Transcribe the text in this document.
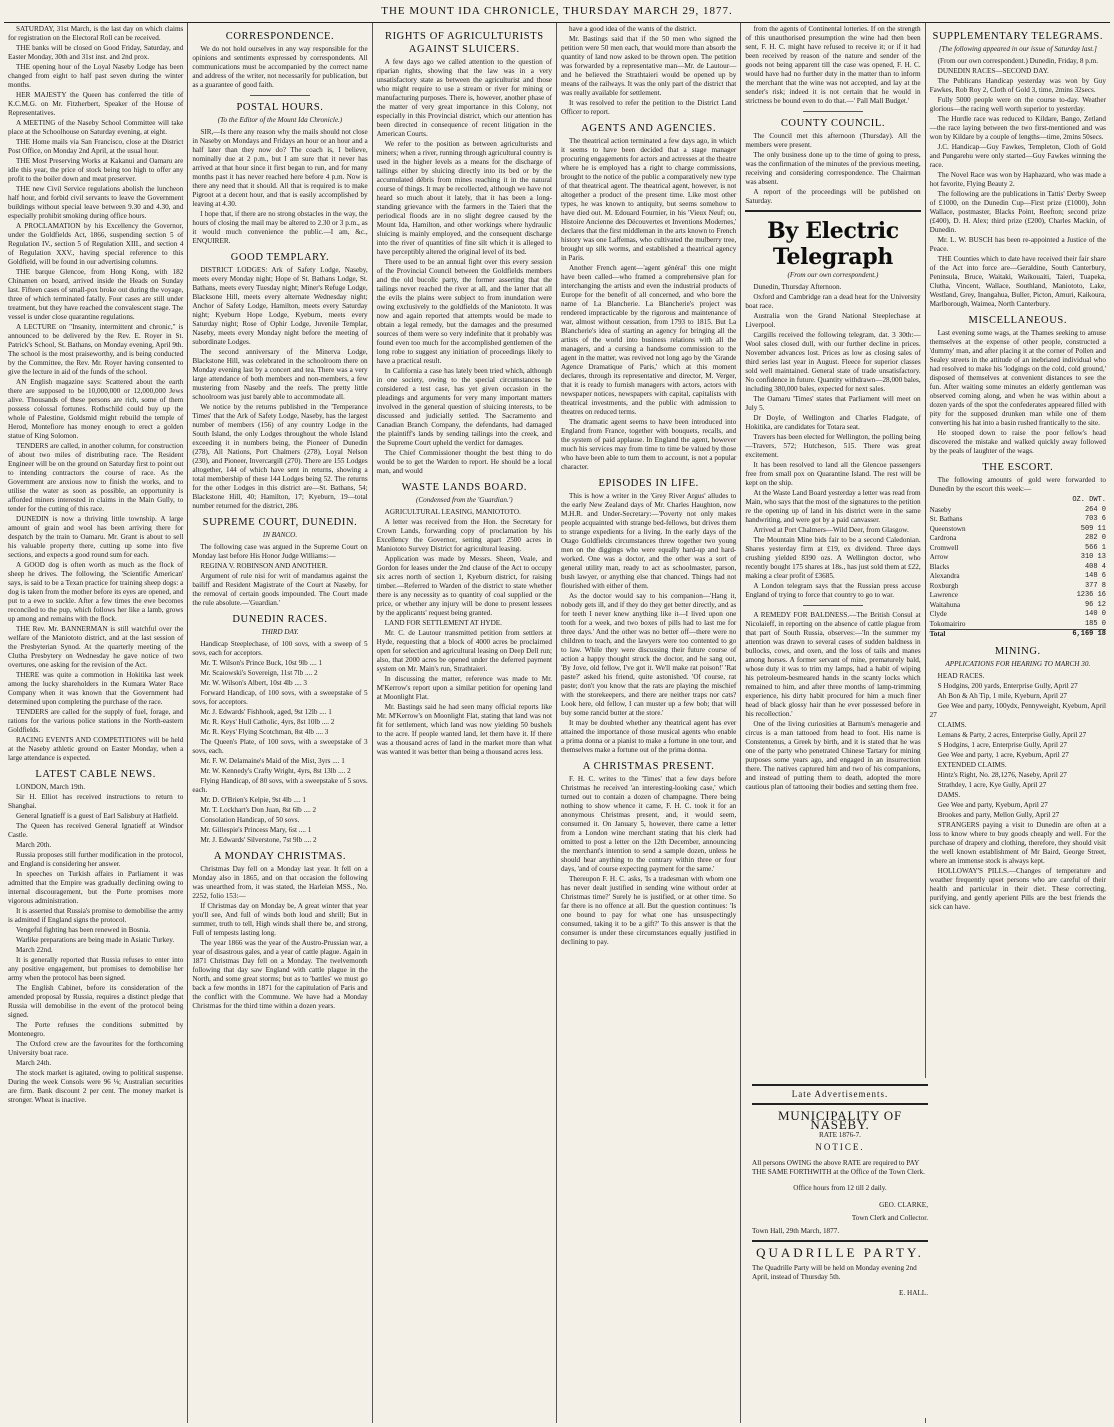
THE MOUNT IDA CHRONICLE, THURSDAY MARCH 29, 1877.

SATURDAY, 31st March, is the last day on which claims for registration on the Electoral Roll can be received.

THE banks will be closed on Good Friday, Saturday, and Easter Monday, 30th and 31st inst. and 2nd prox.

THE opening hour of the Loyal Naseby Lodge has been changed from eight to half past seven during the winter months.

HER MAJESTY the Queen has conferred the title of K.C.M.G. on Mr. Fitzherbert, Speaker of the House of Representatives.

A MEETING of the Naseby School Committee will take place at the Schoolhouse on Saturday evening, at eight.

THE Home mails via San Francisco, close at the District Post Office, on Monday 2nd April, at the usual hour.

THE Most Preserving Works at Kakanui and Oamaru are idle this year, the price of stock being too high to offer any profit to the boiler down and meat preserver.

THE new Civil Service regulations abolish the luncheon half hour, and forbid civil servants to leave the Government buildings without special leave between 9.30 and 4.30, and especially prohibit smoking during office hours.

A PROCLAMATION by his Excellency the Governor, under the Goldfields Act, 1866, suspending section 5 of Regulation IV., section 5 of Regulation XIII., and section 4 of Regulation XXV., having special reference to this Goldfield, will be found in our advertising columns.

THE barque Glencoe, from Hong Kong, with 182 Chinamen on board, arrived inside the Heads on Sunday last. Fifteen cases of small-pox broke out during the voyage, three of which terminated fatally. Four cases are still under treatment, but they have reached the convalescent stage. The vessel is under close quarantine regulations.

A LECTURE on "Insanity, intermittent and chronic," is announced to be delivered by the Rev. E. Royer in St. Patrick's School, St. Bathans, on Monday evening, April 9th. The school is the most praiseworthy, and is being conducted by the Committee, the Rev. Mr. Royer having consented to give the lecture in aid of the funds of the school.

AN English magazine says: Scattered about the earth there are supposed to be 10,000,000 or 12,000,000 Jews alive. Thousands of these persons are rich, some of them possess colossal fortunes. Rothschild could buy up the whole of Palestine, Goldsmid might rebuild the temple of Herod, Montefiore has money enough to erect a golden statue of King Solomon.

TENDERS are called, in another column, for construction of about two miles of distributing race. The Resident Engineer will be on the ground on Saturday first to point out to intending contractors the course of race. As the Government are anxious now to finish the works, and to utilise the water as soon as possible, an opportunity is afforded miners interested in claims in the Main Gully, to tender for the cutting of this race.

DUNEDIN is now a thriving little township. A large amount of grain and wool has been arriving there for despatch by the train to Oamaru. Mr. Grant is about to sell his valuable property there, cutting up some into five sections, and expects a good round sum for each.

A GOOD dog is often worth as much as the flock of sheep he drives. The following, the 'Scientific American' says, is said to be a Texan practice for training sheep dogs: a dog is taken from the mother before its eyes are opened, and put to a ewe to suckle. After a few times the ewe becomes reconciled to the pup, which follows her like a lamb, grows up among and remains with the flock.

THE Rev. Mr. BANNERMAN is still watchful over the welfare of the Maniototo district, and at the last session of the Presbyterian Synod. At the quarterly meeting of the Clutha Presbytery on Wednesday he gave notice of two overtures, one asking for the revision of the Act.

THERE was quite a commotion in Hokitika last week among the lucky shareholders in the Kumara Water Race Company when it was known that the Government had determined upon completing the purchase of the race.

TENDERS are called for the supply of fuel, forage, and rations for the various police stations in the North-eastern Goldfields.

RACING EVENTS AND COMPETITIONS will be held at the Naseby athletic ground on Easter Monday, when a large attendance is expected.

LATEST CABLE NEWS.

LONDON, March 19th.

Sir H. Elliot has received instructions to return to Shanghai.

General Ignatieff is a guest of Earl Salisbury at Hatfield.

The Queen has received General Ignatieff at Windsor Castle.

March 20th.

Russia proposes still further modification in the protocol, and England is considering her answer.

In speeches on Turkish affairs in Parliament it was admitted that the Empire was gradually declining owing to internal discouragement, but the Porte promises more vigorous administration.

It is asserted that Russia's promise to demobilise the army is admitted if England signs the protocol.

Vengeful fighting has been renewed in Bosnia.

Warlike preparations are being made in Asiatic Turkey.

March 22nd.

It is generally reported that Russia refuses to enter into any positive engagement, but promises to demobilise her army when the protocol has been signed.

The English Cabinet, before its consideration of the amended proposal by Russia, requires a distinct pledge that Russia will demobilise in the event of the protocol being signed.

The Porte refuses the conditions submitted by Montenegro.

The Oxford crew are the favourites for the forthcoming University boat race.

March 24th.

The stock market is agitated, owing to political suspense. During the week Consols were 96 ⅛; Australian securities are firm. Bank discount 2 per cent. The money market is stronger. Wheat is inactive.

CORRESPONDENCE.

We do not hold ourselves in any way responsible for the opinions and sentiments expressed by correspondents. All communications must be accompanied by the correct name and address of the writer, not necessarily for publication, but as a guarantee of good faith.

POSTAL HOURS.
(To the Editor of the Mount Ida Chronicle.)

SIR,—Is there any reason why the mails should not close in Naseby on Mondays and Fridays an hour or an hour and a half later than they now do? The coach is, I believe, nominally due at 2 p.m., but I am sure that it never has arrived at that hour since it first began to run, and for many months past it has never reached here before 4 p.m. Now is there any need that it should. All that is required is to make Pigroot at a decent hour, and that is easily accomplished by leaving at 4.30.

I hope that, if there are no strong obstacles in the way, the hours of closing the mail may be altered to 2.30 or 3 p.m., as it would much convenience the public.—I am, &c., ENQUIRER.

GOOD TEMPLARY.

DISTRICT LODGES: Ark of Safety Lodge, Naseby, meets every Monday night; Hope of St. Bathans Lodge, St. Bathans, meets every Tuesday night; Miner's Refuge Lodge, Blacksone Hill, meets every alternate Wednesday night; Anchor of Safety Lodge, Hamilton, meets every Saturday night; Kyeburn Hope Lodge, Kyeburn, meets every Saturday night; Rose of Ophir Lodge, Juvenile Templar, Naseby, meets every Monday night before the meeting of subordinate Lodges.

The second anniversary of the Minerva Lodge, Blackstone Hill, was celebrated in the schoolroom there on Monday evening last by a concert and tea. There was a very large attendance of both members and non-members, a few mustering from Naseby and the reefs. The pretty little schoolroom was just barely able to accommodate all.

We notice by the returns published in the 'Temperance Times' that the Ark of Safety Lodge, Naseby, has the largest number of members (156) of any country Lodge in the South Island, the only Lodges throughout the whole Island exceeding it in numbers being, the Pioneer of Dunedin (278), All Nations, Port Chalmers (278), Loyal Nelson (230), and Pioneer, Invercargill (270). There are 155 Lodges altogether, 144 of which have sent in returns, showing a total membership of these 144 Lodges being 52. The returns for the other Lodges in this district are—St. Bathans, 54; Blackstone Hill, 40; Hamilton, 17; Kyeburn, 19—total number returned for the district, 286.

SUPREME COURT, DUNEDIN.
IN BANCO.

The following case was argued in the Supreme Court on Monday last before His Honor Judge Williams:—

REGINA V. ROBINSON AND ANOTHER.

Argument of rule nisi for writ of mandamus against the bailiff and Resident Magistrate of the Court at Naseby, for the removal of certain goods impounded. The Court made the rule absolute.—'Guardian.'

DUNEDIN RACES.
THIRD DAY.

Handicap Steeplechase, of 100 sovs, with a sweep of 5 sovs, each for acceptors.

Mr. T. Wilson's Prince Buck, 10st 9lb .... 1

Mr. Scaiowski's Sovereign, 11st 7lb .... 2

Mr. W. Wilson's Albert, 10st 4lb .... 3

Forward Handicap, of 100 sovs, with a sweepstake of 5 sovs, for acceptors.

Mr. J. Edwards' Fishhook, aged, 9st 12lb .... 1

Mr. R. Keys' Hull Catholic, 4yrs, 8st 10lb .... 2

Mr. R. Keys' Flying Scotchman, 8st 4lb .... 3

The Queen's Plate, of 100 sovs, with a sweepstake of 3 sovs, each.

Mr. F. W. Delamaine's Maid of the Mist, 3yrs .... 1

Mr. W. Kennedy's Crafty Wright, 4yrs, 8st 13lb .... 2

Flying Handicap, of 80 sovs, with a sweepstake of 5 sovs. each.

Mr. D. O'Brien's Kelpie, 9st 4lb .... 1

Mr. T. Lockhart's Don Juan, 8st 6lb .... 2

Consolation Handicap, of 50 sovs.

Mr. Gillespie's Princess Mary, 6st .... 1

Mr. J. Edwards' Silverstone, 7st 9lb .... 2

A MONDAY CHRISTMAS.

Christmas Day fell on a Monday last year. It fell on a Monday also in 1865, and on that occasion the following was unearthed from, it was stated, the Harleian MSS., No. 2252, folio 153:—

If Christmas day on Monday be, A great winter that year you'll see, And full of winds both loud and shrill; But in summer, truth to tell, High winds shall there be, and strong, Full of tempests lasting long.

The year 1866 was the year of the Austro-Prussian war, a year of disastrous gales, and a year of cattle plague. Again in 1871 Christmas Day fell on a Monday. The twelvemonth following that day saw England with cattle plague in the North, and some great storms; but as to 'battles' we must go back a few months in 1871 for the capitulation of Paris and the conflict with the Commune. We have had a Monday Christmas for the third time within a dozen years.

RIGHTS OF AGRICULTURISTS AGAINST SLUICERS.

A few days ago we called attention to the question of riparian rights, showing that the law was in a very unsatisfactory state as between the agriculturist and those who might require to use a stream or river for mining or manufacturing purposes. There is, however, another phase of the matter of very great importance in this Colony, not especially in this Provincial district, which our attention has been directed in consequence of recent litigation in the American Courts.

We refer to the position as between agriculturists and miners; when a river, running through agricultural country is used in the higher levels as a means for the discharge of tailings either by sluicing directly into its bed or by the accumulated débris from mines reaching it in the natural course of things. It may be recollected, although we have not heard so much about it lately, that it has been a long-standing grievance with the farmers in the Taieri that the periodical floods are in no slight degree caused by the Mount Ida, Hamilton, and other workings where hydraulic sluicing is mainly employed, and the consequent discharge into the river of quantities of fine silt which it is alleged to have perceptibly altered the original level of its bed.

There used to be an annual fight over this every session of the Provincial Council between the Goldfields members and the old bucolic party, the former asserting that the tailings never reached the river at all, and the latter that all the evils the plains were subject to from inundation were owing exclusively to the goldfields of the Maniototo. It was now and again reported that attempts would be made to obtain a legal remedy, but the damages and the presumed sources of them were so very indefinite that it probably was found even too much for the accomplished gentlemen of the long robe to suggest any initiation of proceedings likely to have a practical result.

In California a case has lately been tried which, although in one society, owing to the special circumstances he considered a test case, has yet given occasion in the pleadings and arguments for very many important matters involved in the general question of sluicing interests, to be discussed and judicially settled. The Sacramento and Canadian Branch Company, the defendants, had damaged the plaintiff's lands by sending tailings into the creek, and the Supreme Court upheld the verdict for damages.

The Chief Commissioner thought the best thing to do would be to get the Warden to report. He should be a local man, and would

WASTE LANDS BOARD.
(Condensed from the 'Guardian.')

AGRICULTURAL LEASING, MANIOTOTO.

A letter was received from the Hon. the Secretary for Crown Lands, forwarding copy of proclamation by his Excellency the Governor, setting apart 2500 acres in Maniototo Survey District for agricultural leasing.

Application was made by Messrs. Sheen, Veale, and Gordon for leases under the 2nd clause of the Act to occupy six acres north of section 1, Kyeburn district, for raising timber.—Referred to Warden of the district to state whether there is any necessity as to quantity of coal supplied or the price, or whether any injury will be done to present lessees by the applicants' request being granted.

LAND FOR SETTLEMENT AT HYDE.

Mr. C. de Lautour transmitted petition from settlers at Hyde, requesting that a block of 4000 acres be proclaimed open for selection and agricultural leasing on Deep Dell run; also, that 2000 acres be opened under the deferred payment system on Mr. Main's run, Strathtaieri.

In discussing the matter, reference was made to Mr. M'Kerrow's report upon a similar petition for opening land at Moonlight Flat.

Mr. Bastings said he had seen many official reports like Mr. M'Kerrow's on Moonlight Flat, stating that land was not fit for settlement, which land was now yielding 50 bushels to the acre. If people wanted land, let them have it. If there was a thousand acres of land in the market more than what was wanted it was better than being a thousand acres less.

have a good idea of the wants of the district.

Mr. Bastings said that if the 50 men who signed the petition were 50 men each, that would more than absorb the quantity of land now asked to be thrown open. The petition was forwarded by a representative man—Mr. de Lautour—and he believed the Strathtaieri would be opened up by means of the railways. It was the only part of the district that was really available for settlement.

It was resolved to refer the petition to the District Land Officer to report.

AGENTS AND AGENCIES.

The theatrical action terminated a few days ago, in which it seems to have been decided that a stage manager procuring engagements for actors and actresses at the theatre where he is employed has a right to charge commissions, brought to the notice of the public a comparatively new type of that theatrical agent. The theatrical agent, however, is not altogether a product of the present time. Like most other types, he was known to antiquity, but seems somehow to have died out. M. Edouard Fournier, in his 'Vieux Neuf; ou, Histoire Ancienne des Découvertes et Inventions Modernes,' declares that the first middleman in the arts known to French history was one Laffemas, who cultivated the mulberry tree, brought up silk worms, and established a theatrical agency in Paris.

Another French agent—'agent général' this one might have been called—who framed a comprehensive plan for interchanging the artists and even the industrial products of Europe for the benefit of all concerned, and who bore the name of La Blancherie. La Blancherie's project was rendered impracticable by the rigorous and maintenance of war, almost without cessation, from 1793 to 1815. But La Blancherie's idea of starting an agency for bringing all the artists of the world into business relations with all the managers, and a cursing a handsome commission to the agent in the matter, was revived not long ago by the 'Grande Agence Dramatique of Paris,' which at this moment declares, through its representative and director, M. Verger, that it is ready to furnish managers with actors, actors with newspaper notices, newspapers with capital, capitalists with theatrical investments, and the public with admission to theatres on reduced terms.

The dramatic agent seems to have been introduced into England from France, together with bouquets, recalls, and the system of paid applause. In England the agent, however much his services may from time to time be valued by those who have been able to turn them to account, is not a popular character.

EPISODES IN LIFE.

This is how a writer in the 'Grey River Argus' alludes to the early New Zealand days of Mr. Charles Haughton, now M.H.R. and Under-Secretary:—'Poverty not only makes people acquainted with strange bed-fellows, but drives them to strange expedients for a living. In the early days of the Otago Goldfields circumstances threw together two young men on the diggings who were equally hard-up and hard-worked. One was a doctor, and the other was a sort of general utility man, ready to act as schoolmaster, parson, bush lawyer, or anything else that chanced. Things had not flourished with either of them.

As the doctor would say to his companion—'Hang it, nobody gets ill, and if they do they get better directly, and as for teeth I never knew anything like it—I lived upon one tooth for a week, and two boxes of pills had to last me for three days.' And the other was no better off—there were no children to teach, and the lawyers were too contented to go to law. While they were discussing their future course of action a happy thought struck the doctor, and he sang out, 'By Jove, old fellow, I've got it. We'll make rat poison!' 'Rat paste?' asked his friend, quite astonished. 'Of course, rat paste; don't you know that the rats are playing the mischief with the storekeepers, and there are neither traps nor cats? Look here, old fellow, I can muster up a few bob; that will buy some rancid butter at the store.'

It may be doubted whether any theatrical agent has ever attained the importance of those musical agents who enable a prima donna or a pianist to make a fortune in one tour, and themselves make a fortune out of the prima donna.

A CHRISTMAS PRESENT.

F. H. C. writes to the 'Times' that a few days before Christmas he received 'an interesting-looking case,' which turned out to contain a dozen of champagne. There being nothing to show whence it came, F. H. C. took it for an anonymous Christmas present, and, it would seem, consumed it. On January 5, however, there came a letter from a London wine merchant stating that his clerk had omitted to post a letter on the 12th December, announcing the merchant's intention to send a sample dozen, unless he should hear anything to the contrary within three or four days, 'and of course expecting payment for the same.'

Thereupon F. H. C. asks, 'Is a tradesman with whom one has never dealt justified in sending wine without order at Christmas time?' Surely he is justified, or at other time. So far there is no offence at all. But the question continues: 'Is one bound to pay for what one has unsuspectingly consumed, taking it to be a gift?' To this answer is that the consumer is under these circumstances equally justified in declining to pay.

from the agents of Continental lotteries. If on the strength of this unauthorised presumption the wine had then been sent, F. H. C. might have refused to receive it; or if it had been received by reason of the nature and sender of the goods not being apparent till the case was opened, F. H. C. would have had no further duty in the matter than to inform the merchant that the wine was not accepted, and lay at the sender's risk; indeed it is not certain that he would in strictness be bound even to do that.—' Pall Mall Budget.'

COUNTY COUNCIL.

The Council met this afternoon (Thursday). All the members were present.

The only business done up to the time of going to press, was the confirmation of the minutes of the previous meeting, receiving and considering correspondence. The Chairman was absent.

A report of the proceedings will be published on Saturday.

By Electric Telegraph
(From our own correspondent.)

Dunedin, Thursday Afternoon.

Oxford and Cambridge ran a dead heat for the University boat race.

Australia won the Grand National Steeplechase at Liverpool.

Cargills received the following telegram, dat. 3 30th:—Wool sales closed dull, with our further decline in prices. November advances lost. Prices as low as closing sales of third series last year in August. Fleece for superior classes sold well maintained. General state of trade unsatisfactory. No confidence in future. Quantity withdrawn—28,000 bales, including 380,000 bales, expected for next sales.

The Oamaru 'Times' states that Parliament will meet on July 5.

Dr Doyle, of Wellington and Charles Fladgate, of Hokitika, are candidates for Totara seat.

Travers has been elected for Wellington, the polling being—Travers, 572; Hutcheson, 515. There was great excitement.

It has been resolved to land all the Glencoe passengers free from small pox on Quarantine Island. The rest will be kept on the ship.

At the Waste Land Board yesterday a letter was read from Main, who says that the most of the signatures to the petition re the opening up of land in his district were in the same handwriting, and were got by a paid canvasser.

Arrived at Port Chalmers—Wild Deer, from Glasgow.

The Mountain Mine bids fair to be a second Caledonian. Shares yesterday firm at £19, ex dividend. Three days crushing yielded 8390 ozs. A Wellington doctor, who recently bought 175 shares at 18s., has just sold them at £22, making a clear profit of £3685.

A London telegram says that the Russian press accuse England of trying to force that country to go to war.

A REMEDY FOR BALDNESS.—The British Consul at Nicolaieff, in reporting on the absence of cattle plague from that part of South Russia, observes:—'In the summer my attention was drawn to several cases of sudden baldness in bullocks, cows, and oxen, and the loss of tails and manes among horses. A former servant of mine, prematurely bald, whose duty it was to trim my lamps, had a habit of wiping his petroleum-besmeared hands in the scanty locks which remained to him, and after three months of lamp-trimming experience, his dirty habit procured for him a much finer head of black glossy hair than he ever possessed before in his recollection.'

One of the living curiosities at Barnum's menagerie and circus is a man tattooed from head to foot. His name is Constentenus, a Greek by birth, and it is stated that he was one of the party who penetrated Chinese Tartary for mining purposes some years ago, and engaged in an insurrection there. The natives captured him and two of his companions, and instead of putting them to death, adopted the more cautious plan of tattooing their bodies and setting them free.

SUPPLEMENTARY TELEGRAMS.
[The following appeared in our issue of Saturday last.]

(From our own correspondent.) Dunedin, Friday, 8 p.m.

DUNEDIN RACES—SECOND DAY.

The Publicans Handicap yesterday was won by Guy Fawkes, Rob Roy 2, Cloth of Gold 3, time, 2mins 32secs.

Fully 5000 people were on the course to-day. Weather glorious—the racing well worth superior to yesterday.

The Hurdle race was reduced to Kildare, Bango, Zetland—the race laying between the two first-mentioned and was won by Kildare by a couple of lengths—time, 2mins 50secs.

J.C. Handicap—Guy Fawkes, Templeton, Cloth of Gold and Pungarehu were only started—Guy Fawkes winning the race.

The Novel Race was won by Haphazard, who was made a hot favorite, Flying Beauty 2.

The following are the publications in Tattis' Derby Sweep of £1000, on the Dunedin Cup—First prize (£1000), John Wallace, postmaster, Blacks Point, Reefton; second prize (£400), D. H. Alex; third prize (£200), Charles Mackin, of Dunedin.

Mr. L. W. BUSCH has been re-appointed a Justice of the Peace.

THE Counties which to date have received their fair share of the Act into force are—Geraldine, South Canterbury, Peninsula, Bruce, Waitaki, Waikouaiti, Taieri, Tuapeka, Clutha, Vincent, Wallace, Southland, Maniototo, Lake, Westland, Grey, Inangahua, Buller, Picton, Amuri, Kaikoura, Marlborough, Waimea, North Canterbury.

MISCELLANEOUS.

Last evening some wags, at the Thames seeking to amuse themselves at the expense of other people, constructed a 'dummy' man, and after placing it at the corner of Pollen and Sealey streets in the attitude of an inebriated individual who had resolved to make his 'lodgings on the cold, cold ground,' disposed of themselves at convenient distances to see the fun. After waiting some minutes an elderly gentleman was observed coming along, and when he was within about a dozen yards of the spot the confederates appeared filled with pity for the supposed drunken man while one of them converting his hat into a basin rushed frantically to the site.

He stooped down to raise the poor fellow's head discovered the mistake and walked quickly away followed by the peals of laughter of the wags.

THE ESCORT.

The following amounts of gold were forwarded to Dunedin by the escort this week:—

	OZ. DWT.
Naseby	264 0
St. Bathans	703 6
Queenstown	509 11
Cardrona	282 0
Cromwell	566 1
Arrow	310 13
Blacks	408 4
Alexandra	148 6
Roxburgh	377 8
Lawrence	1236 16
Waitahuna	96 12
Clyde	140 0
Tokomairiro	185 0
Total	6,169 18
MINING.
APPLICATIONS FOR HEARING TO MARCH 30.

HEAD RACES.

S Hodgins, 200 yards, Enterprise Gully, April 27

Ah Bon & Ah Tip, 1 mile, Kyeburn, April 27

Gee Wee and party, 100ydx, Pennyweight, Kyeburn, April 27

CLAIMS.

Lemans & Party, 2 acres, Enterprise Gully, April 27

S Hodgins, 1 acre, Enterprise Gully, April 27

Gee Wee and party, 1 acre, Kyeburn, April 27

EXTENDED CLAIMS.

Hintz's Right, No. 28,1276, Naseby, April 27

Strathdey, 1 acre, Kye Gully, April 27

DAMS.

Gee Wee and party, Kyeburn, April 27

Brookes and party, Mellon Gully, April 27

STRANGERS paying a visit to Dunedin are often at a loss to know where to buy goods cheaply and well. For the purchase of drapery and clothing, therefore, they should visit the well known establishment of Mr Baird, George Street, where an immense stock is always kept.

HOLLOWAY'S PILLS.—Changes of temperature and weather frequently upset persons who are careful of their health and particular in their diet. These correcting, purifying, and gently aperient Pills are the best friends the sick can have.

Late Advertisements.
MUNICIPALITY OF NASEBY.
RATE 1876-7.
NOTICE.

All persons OWING the above RATE are required to PAY THE SAME FORTHWITH at the Office of the Town Clerk.

Office hours from 12 till 2 daily.

GEO. CLARKE,
Town Clerk and Collector.
Town Hall, 29th March, 1877.
QUADRILLE PARTY.

The Quadrille Party will be held on Monday evening 2nd April, instead of Thursday 5th.

E. HALL.
